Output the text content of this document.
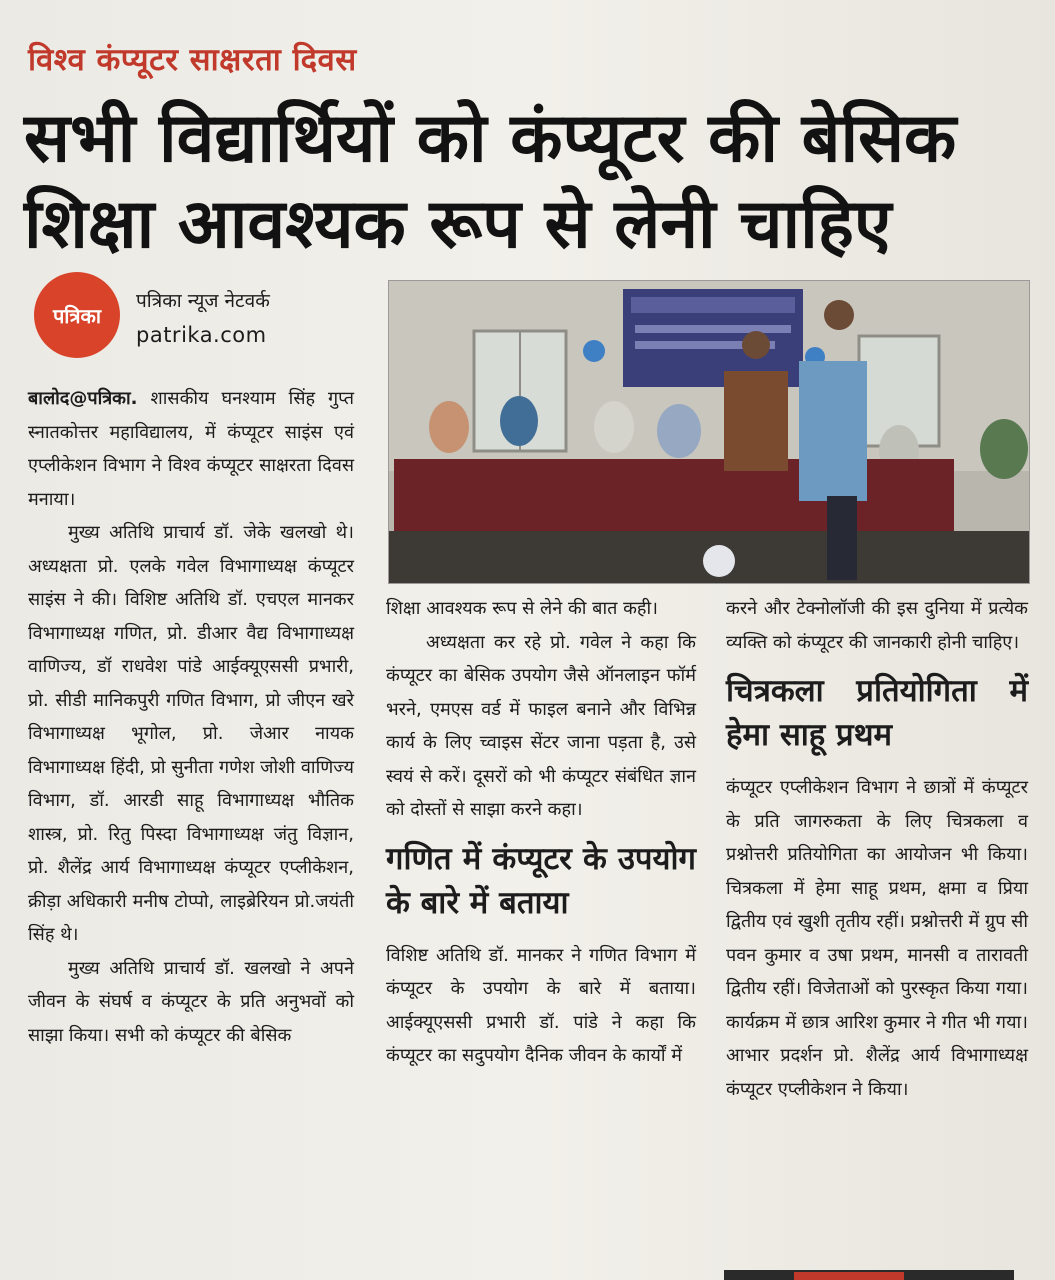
विश्व कंप्यूटर साक्षरता दिवस
सभी विद्यार्थियों को कंप्यूटर की बेसिक शिक्षा आवश्यक रूप से लेनी चाहिए
पत्रिका
पत्रिका न्यूज नेटवर्क
patrika.com

बालोद@पत्रिका. शासकीय घनश्याम सिंह गुप्त स्नातकोत्तर महाविद्यालय, में कंप्यूटर साइंस एवं एप्लीकेशन विभाग ने विश्व कंप्यूटर साक्षरता दिवस मनाया।

मुख्य अतिथि प्राचार्य डॉ. जेके खलखो थे। अध्यक्षता प्रो. एलके गवेल विभागाध्यक्ष कंप्यूटर साइंस ने की। विशिष्ट अतिथि डॉ. एचएल मानकर विभागाध्यक्ष गणित, प्रो. डीआर वैद्य विभागाध्यक्ष वाणिज्य, डॉ राधवेश पांडे आईक्यूएससी प्रभारी, प्रो. सीडी मानिकपुरी गणित विभाग, प्रो जीएन खरे विभागाध्यक्ष भूगोल, प्रो. जेआर नायक विभागाध्यक्ष हिंदी, प्रो सुनीता गणेश जोशी वाणिज्य विभाग, डॉ. आरडी साहू विभागाध्यक्ष भौतिक शास्त्र, प्रो. रितु पिस्दा विभागाध्यक्ष जंतु विज्ञान, प्रो. शैलेंद्र आर्य विभागाध्यक्ष कंप्यूटर एप्लीकेशन, क्रीड़ा अधिकारी मनीष टोप्पो, लाइब्रेरियन प्रो.जयंती सिंह थे।

मुख्य अतिथि प्राचार्य डॉ. खलखो ने अपने जीवन के संघर्ष व कंप्यूटर के प्रति अनुभवों को साझा किया। सभी को कंप्यूटर की बेसिक

शिक्षा आवश्यक रूप से लेने की बात कही।

अध्यक्षता कर रहे प्रो. गवेल ने कहा कि कंप्यूटर का बेसिक उपयोग जैसे ऑनलाइन फॉर्म भरने, एमएस वर्ड में फाइल बनाने और विभिन्न कार्य के लिए च्वाइस सेंटर जाना पड़ता है, उसे स्वयं से करें। दूसरों को भी कंप्यूटर संबंधित ज्ञान को दोस्तों से साझा करने कहा।

गणित में कंप्यूटर के उपयोग के बारे में बताया

विशिष्ट अतिथि डॉ. मानकर ने गणित विभाग में कंप्यूटर के उपयोग के बारे में बताया। आईक्यूएससी प्रभारी डॉ. पांडे ने कहा कि कंप्यूटर का सदुपयोग दैनिक जीवन के कार्यों में

करने और टेक्नोलॉजी की इस दुनिया में प्रत्येक व्यक्ति को कंप्यूटर की जानकारी होनी चाहिए।

चित्रकला प्रतियोगिता में हेमा साहू प्रथम

कंप्यूटर एप्लीकेशन विभाग ने छात्रों में कंप्यूटर के प्रति जागरुकता के लिए चित्रकला व प्रश्नोत्तरी प्रतियोगिता का आयोजन भी किया। चित्रकला में हेमा साहू प्रथम, क्षमा व प्रिया द्वितीय एवं खुशी तृतीय रहीं। प्रश्नोत्तरी में ग्रुप सी पवन कुमार व उषा प्रथम, मानसी व तारावती द्वितीय रहीं। विजेताओं को पुरस्कृत किया गया। कार्यक्रम में छात्र आरिश कुमार ने गीत भी गया। आभार प्रदर्शन प्रो. शैलेंद्र आर्य विभागाध्यक्ष कंप्यूटर एप्लीकेशन ने किया।
